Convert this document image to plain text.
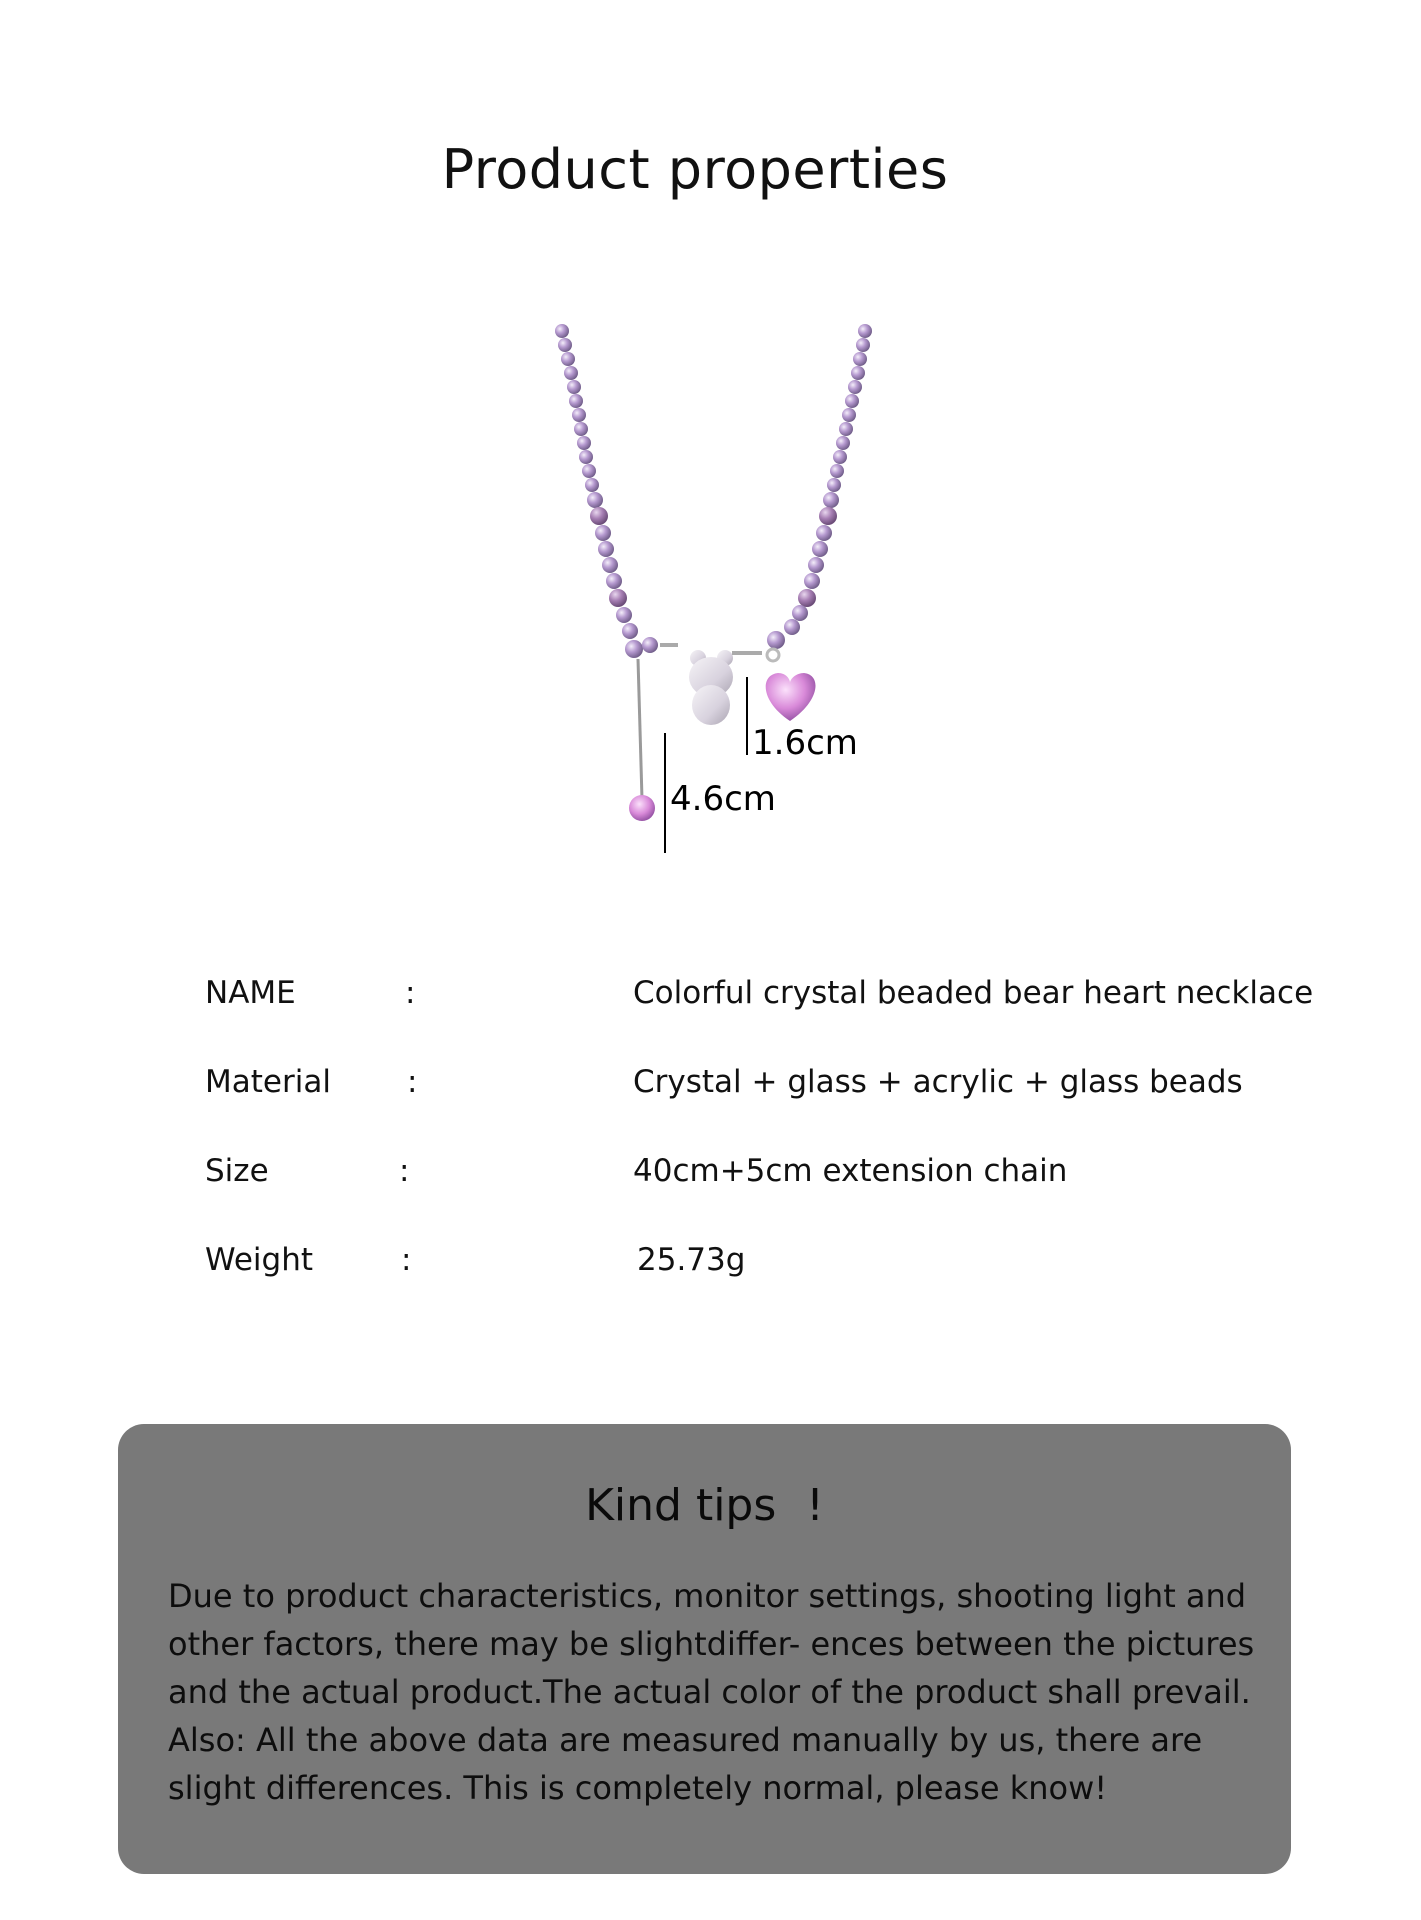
Product properties
1.6cm
4.6cm
NAME	:	Colorful crystal beaded bear heart necklace
Material :	Crystal + glass + acrylic + glass beads
Size	:	40cm+5cm extension chain
Weight	:	25.73g
Kind tips !

Due to product characteristics, monitor settings, shooting light and other factors, there may be slightdiffer- ences between the pictures and the actual product.The actual color of the product shall prevail. Also: All the above data are measured manually by us, there are slight differences. This is completely normal, please know!
